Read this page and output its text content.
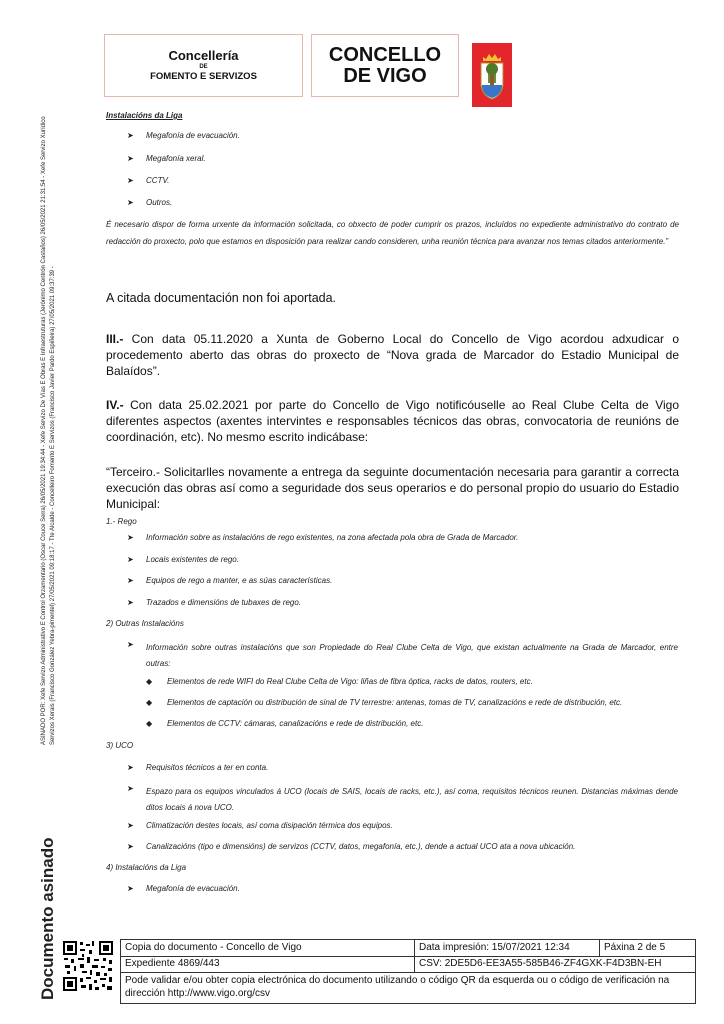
Concellería
DE
FOMENTO E SERVIZOS
CONCELLO
DE VIGO
ASINADO POR: Xefe Servizo Administrativo E Control Orzamentario (Oscar Couce Serra) 26/05/2021 19:34:44 - Xefe Servizo De Vías E Obras E Infraestruturas (Jerónimo Centrón Castaños) 26/05/2021 21:31:54 - Xefe Servizo Xurídico Servizos Xerais (Francisco González Yebra-pimentel) 27/05/2021 09:18:17 - Tte Alcalde - Concelleiro Fomento E Servizos (Francisco Javier Pardo Espiñeira) 27/05/2021 09:37:39 -
Documento asinado
Instalacións da Liga
➤ Megafonía de evacuación.
➤ Megafonía xeral.
➤ CCTV.
➤ Outros.
É necesario dispor de forma urxente da información solicitada, co obxecto de poder cumprir os prazos, incluídos no expediente administrativo do contrato de redacción do proxecto, polo que estamos en disposición para realizar cando consideren, unha reunión técnica para avanzar nos temas citados anteriormente.”
A citada documentación non foi aportada.
III.- Con data 05.11.2020 a Xunta de Goberno Local do Concello de Vigo acordou adxudicar o procedemento aberto das obras do proxecto de “Nova grada de Marcador do Estadio Municipal de Balaídos”.
IV.- Con data 25.02.2021 por parte do Concello de Vigo notificóuselle ao Real Clube Celta de Vigo diferentes aspectos (axentes intervintes e responsables técnicos das obras, convocatoria de reunións de coordinación, etc). No mesmo escrito indicábase:
“Terceiro.- Solicitarlles novamente a entrega da seguinte documentación necesaria para garantir a correcta execución das obras así como a seguridade dos seus operarios e do personal propio do usuario do Estadio Municipal:
1.- Rego
➤ Información sobre as instalacións de rego existentes, na zona afectada pola obra de Grada de Marcador.
➤ Locais existentes de rego.
➤ Equipos de rego a manter, e as súas características.
➤ Trazados e dimensións de tubaxes de rego.
2) Outras Instalacións
➤ Información sobre outras instalacións que son Propiedade do Real Clube Celta de Vigo, que existan actualmente na Grada de Marcador, entre outras:
◆ Elementos de rede WIFI do Real Clube Celta de Vigo: liñas de fibra óptica, racks de datos, routers, etc.
◆ Elementos de captación ou distribución de sinal de TV terrestre: antenas, tomas de TV, canalizacións e rede de distribución, etc.
◆ Elementos de CCTV: cámaras, canalizacións e rede de distribución, etc.
3) UCO
➤ Requisitos técnicos a ter en conta.
➤ Espazo para os equipos vinculados á UCO (locais de SAIS, locais de racks, etc.), así coma, requisitos técnicos reunen. Distancias máximas dende ditos locais á nova UCO.
➤ Climatización destes locais, así coma disipación térmica dos equipos.
➤ Canalizacións (tipo e dimensións) de servizos (CCTV, datos, megafonía, etc.), dende a actual UCO ata a nova ubicación.
4) Instalacións da Liga
➤ Megafonía de evacuación.
Copia do documento - Concello de Vigo	Data impresión: 15/07/2021 12:34	Páxina 2 de 5
Expediente 4869/443	CSV: 2DE5D6-EE3A55-585B46-ZF4GXK-F4D3BN-EH
Pode validar e/ou obter copia electrónica do documento utilizando o código QR da esquerda ou o código de verificación na dirección http://www.vigo.org/csv
